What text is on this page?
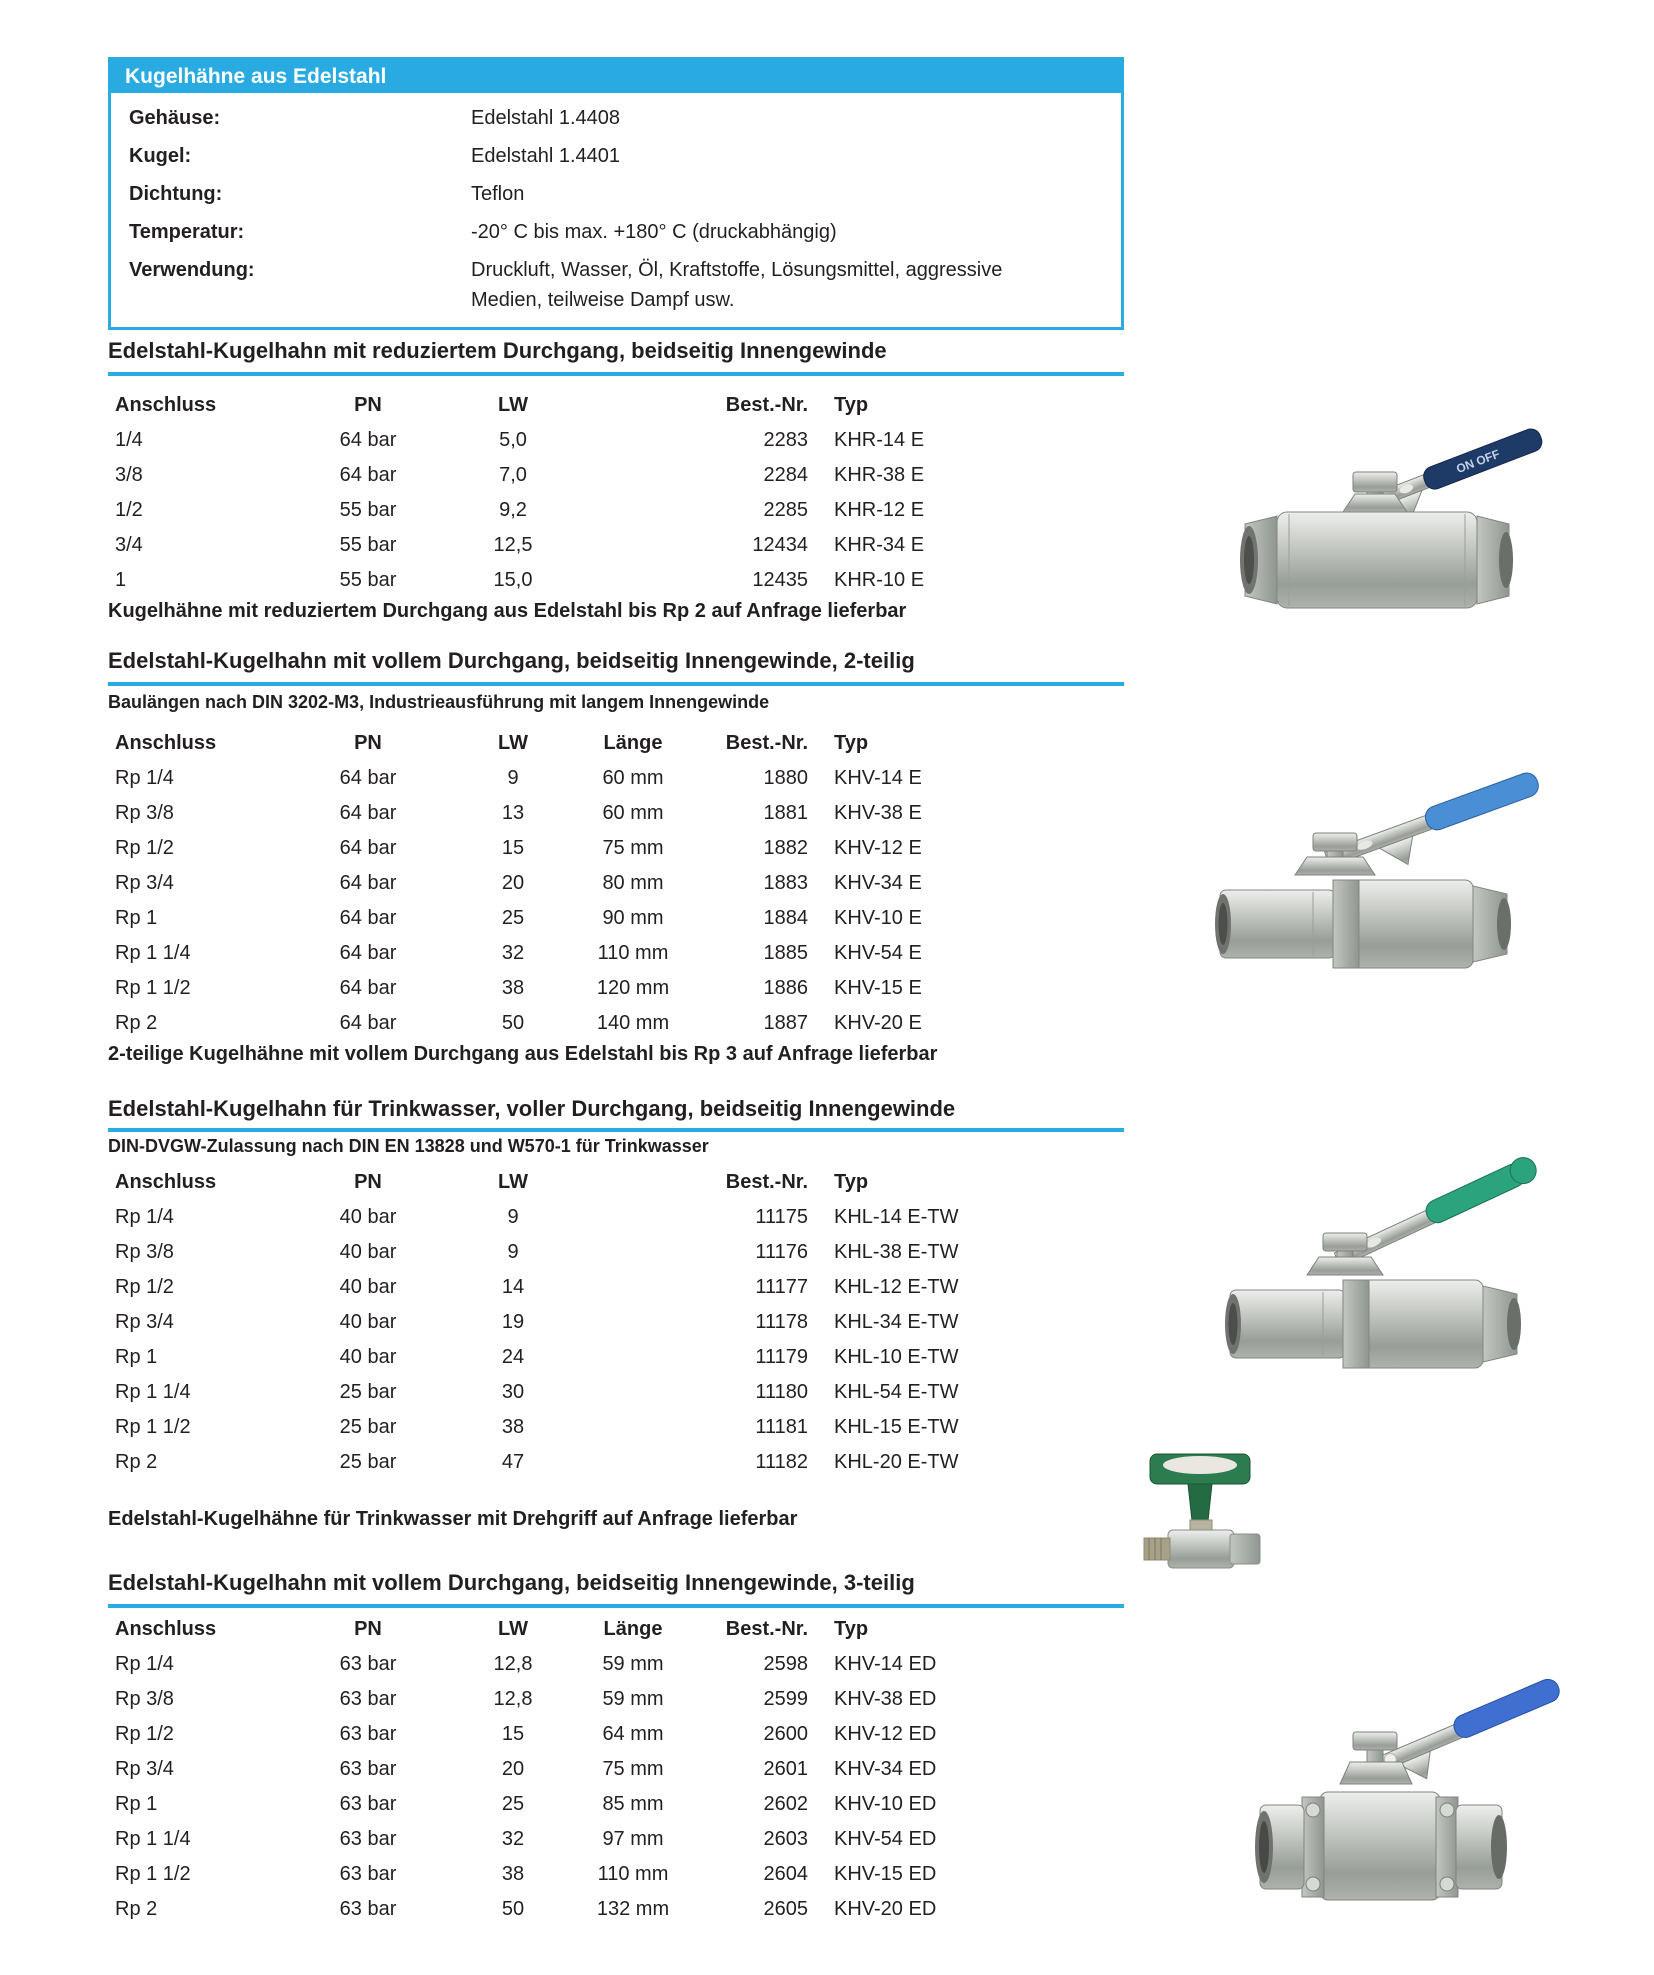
Kugelhähne aus Edelstahl
Gehäuse:	Edelstahl 1.4408
Kugel:	Edelstahl 1.4401
Dichtung:	Teflon
Temperatur:	-20° C bis max. +180° C (druckabhängig)
Verwendung:	Druckluft, Wasser, Öl, Kraftstoffe, Lösungsmittel, aggressive Medien, teilweise Dampf usw.
Edelstahl-Kugelhahn mit reduziertem Durchgang, beidseitig Innengewinde
Anschluss	PN	LW	Best.-Nr.	Typ
1/4	64 bar	5,0	2283	KHR-14 E
3/8	64 bar	7,0	2284	KHR-38 E
1/2	55 bar	9,2	2285	KHR-12 E
3/4	55 bar	12,5	12434	KHR-34 E
1	55 bar	15,0	12435	KHR-10 E
Kugelhähne mit reduziertem Durchgang aus Edelstahl bis Rp 2 auf Anfrage lieferbar
Edelstahl-Kugelhahn mit vollem Durchgang, beidseitig Innengewinde, 2-teilig
Baulängen nach DIN 3202-M3, Industrieausführung mit langem Innengewinde
Anschluss	PN	LW	Länge	Best.-Nr.	Typ
Rp 1/4	64 bar	9	60 mm	1880	KHV-14 E
Rp 3/8	64 bar	13	60 mm	1881	KHV-38 E
Rp 1/2	64 bar	15	75 mm	1882	KHV-12 E
Rp 3/4	64 bar	20	80 mm	1883	KHV-34 E
Rp 1	64 bar	25	90 mm	1884	KHV-10 E
Rp 1 1/4	64 bar	32	110 mm	1885	KHV-54 E
Rp 1 1/2	64 bar	38	120 mm	1886	KHV-15 E
Rp 2	64 bar	50	140 mm	1887	KHV-20 E
2-teilige Kugelhähne mit vollem Durchgang aus Edelstahl bis Rp 3 auf Anfrage lieferbar
Edelstahl-Kugelhahn für Trinkwasser, voller Durchgang, beidseitig Innengewinde
DIN-DVGW-Zulassung nach DIN EN 13828 und W570-1 für Trinkwasser
Anschluss	PN	LW	Best.-Nr.	Typ
Rp 1/4	40 bar	9	11175	KHL-14 E-TW
Rp 3/8	40 bar	9	11176	KHL-38 E-TW
Rp 1/2	40 bar	14	11177	KHL-12 E-TW
Rp 3/4	40 bar	19	11178	KHL-34 E-TW
Rp 1	40 bar	24	11179	KHL-10 E-TW
Rp 1 1/4	25 bar	30	11180	KHL-54 E-TW
Rp 1 1/2	25 bar	38	11181	KHL-15 E-TW
Rp 2	25 bar	47	11182	KHL-20 E-TW
Edelstahl-Kugelhähne für Trinkwasser mit Drehgriff auf Anfrage lieferbar
Edelstahl-Kugelhahn mit vollem Durchgang, beidseitig Innengewinde, 3-teilig
Anschluss	PN	LW	Länge	Best.-Nr.	Typ
Rp 1/4	63 bar	12,8	59 mm	2598	KHV-14 ED
Rp 3/8	63 bar	12,8	59 mm	2599	KHV-38 ED
Rp 1/2	63 bar	15	64 mm	2600	KHV-12 ED
Rp 3/4	63 bar	20	75 mm	2601	KHV-34 ED
Rp 1	63 bar	25	85 mm	2602	KHV-10 ED
Rp 1 1/4	63 bar	32	97 mm	2603	KHV-54 ED
Rp 1 1/2	63 bar	38	110 mm	2604	KHV-15 ED
Rp 2	63 bar	50	132 mm	2605	KHV-20 ED
ON OFF
